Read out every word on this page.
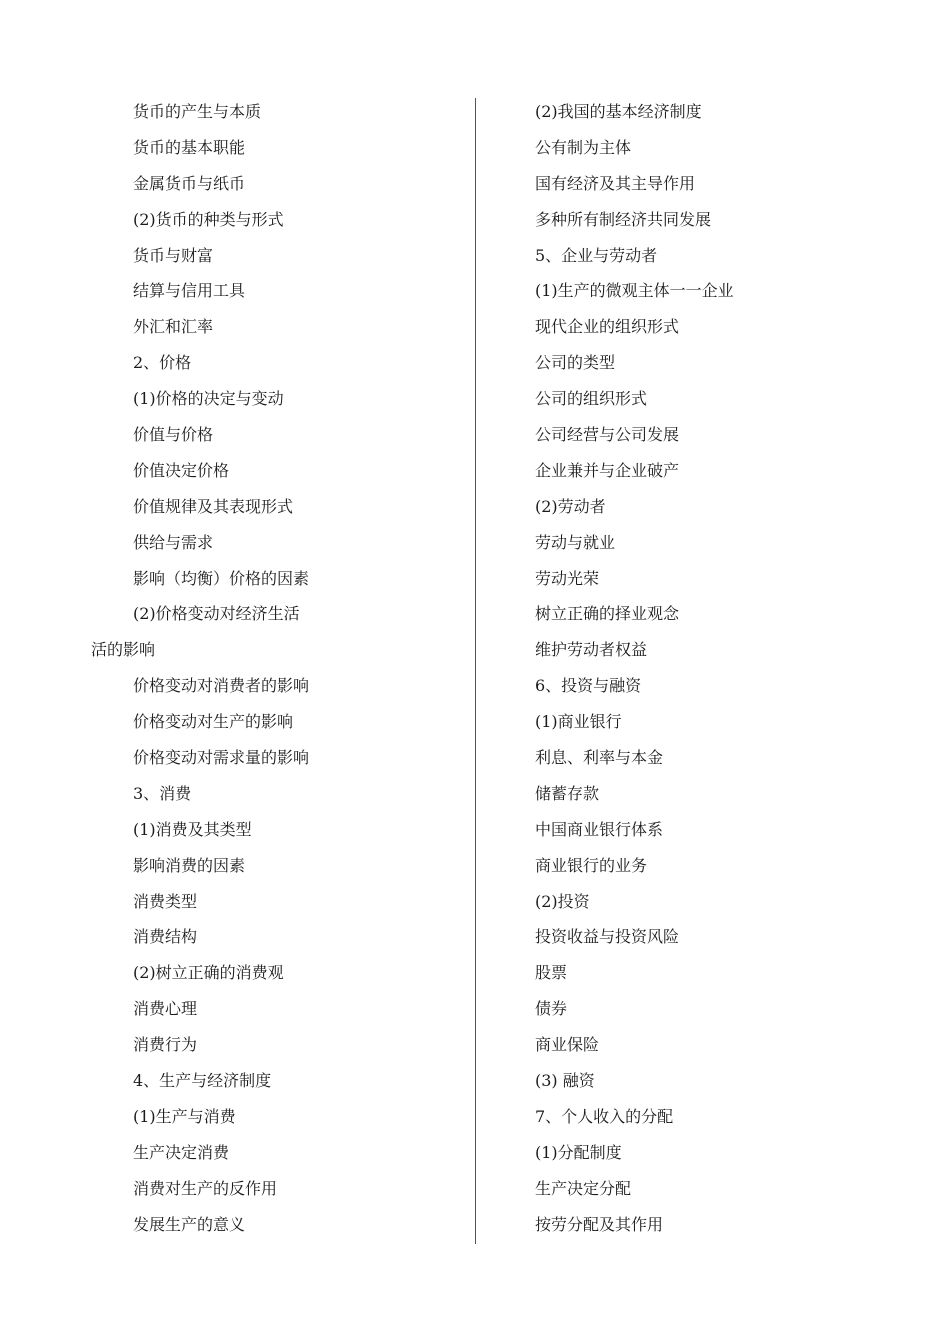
货币的产生与本质
货币的基本职能
金属货币与纸币
(2)货币的种类与形式
货币与财富
结算与信用工具
外汇和汇率
2、价格
(1)价格的决定与变动
价值与价格
价值决定价格
价值规律及其表现形式
供给与需求
影响（均衡）价格的因素
(2)价格变动对经济生活
活的影响
价格变动对消费者的影响
价格变动对生产的影响
价格变动对需求量的影响
3、消费
(1)消费及其类型
影响消费的因素
消费类型
消费结构
(2)树立正确的消费观
消费心理
消费行为
4、生产与经济制度
(1)生产与消费
生产决定消费
消费对生产的反作用
发展生产的意义
(2)我国的基本经济制度
公有制为主体
国有经济及其主导作用
多种所有制经济共同发展
5、企业与劳动者
(1)生产的微观主体一一企业
现代企业的组织形式
公司的类型
公司的组织形式
公司经营与公司发展
企业兼并与企业破产
(2)劳动者
劳动与就业
劳动光荣
树立正确的择业观念
维护劳动者权益
6、投资与融资
(1)商业银行
利息、利率与本金
储蓄存款
中国商业银行体系
商业银行的业务
(2)投资
投资收益与投资风险
股票
债券
商业保险
(3) 融资
7、个人收入的分配
(1)分配制度
生产决定分配
按劳分配及其作用
